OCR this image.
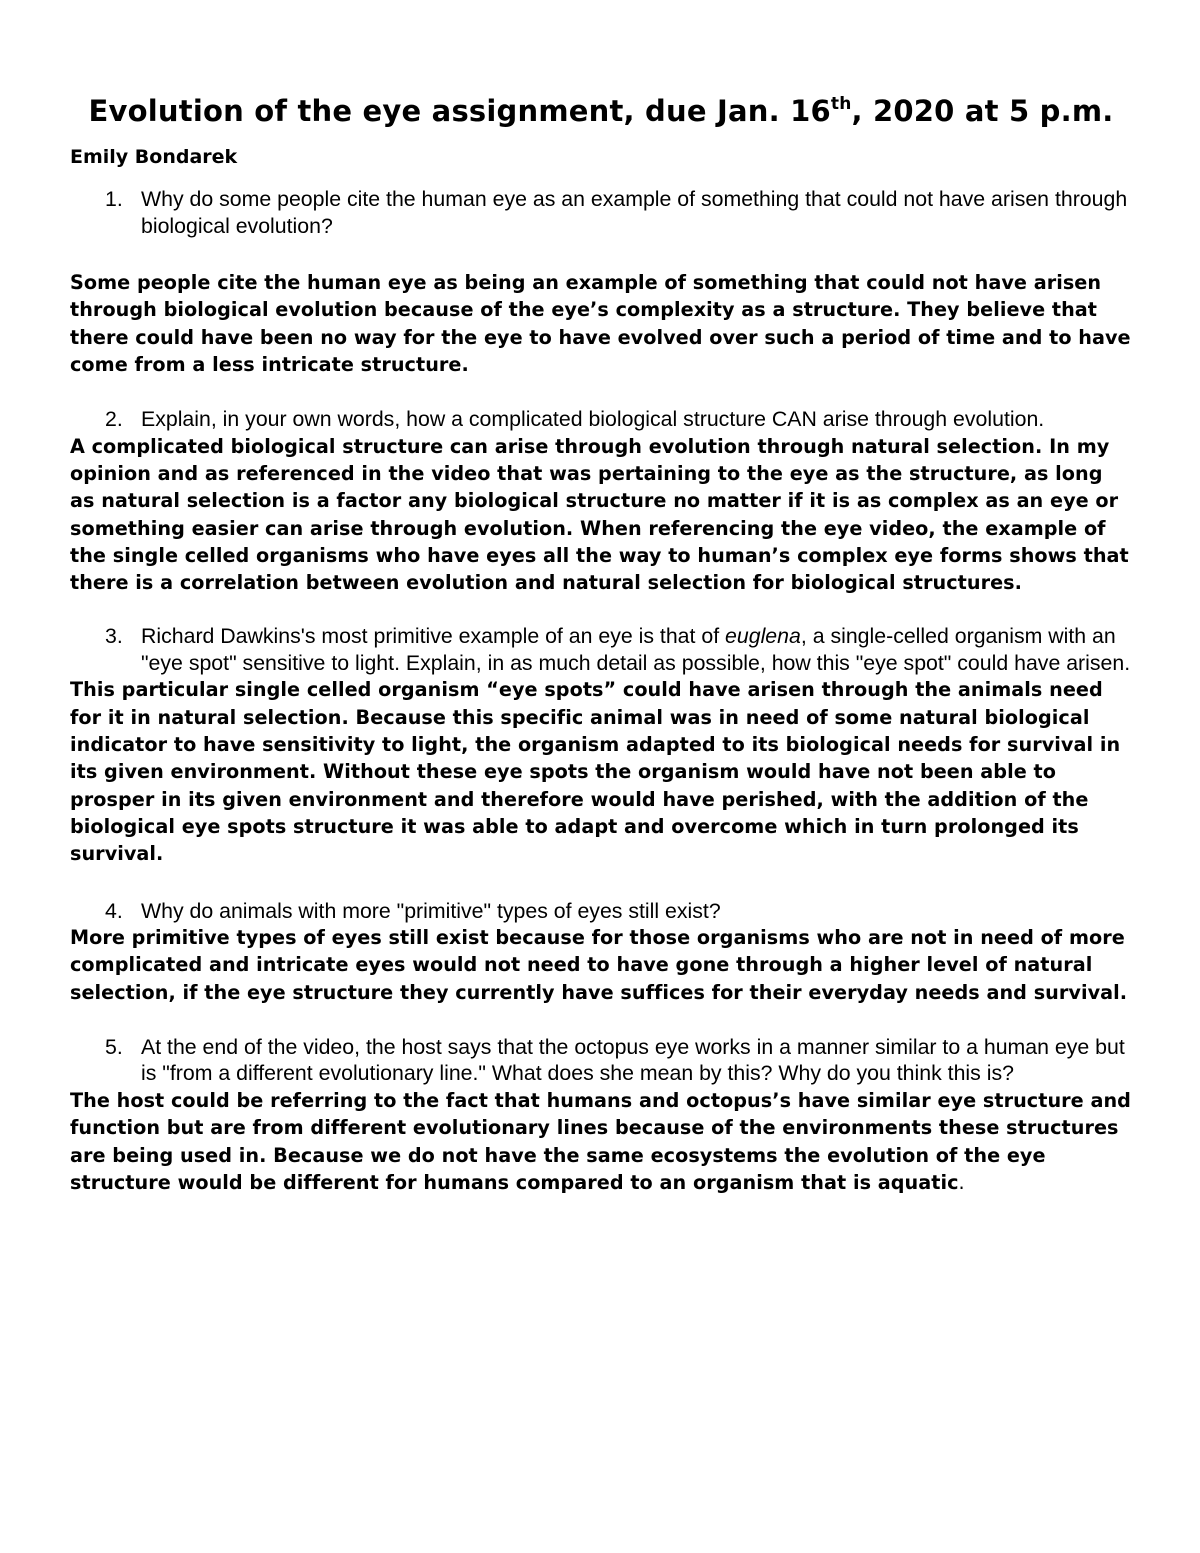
Evolution of the eye assignment, due Jan. 16th, 2020 at 5 p.m.

Emily Bondarek

1. Why do some people cite the human eye as an example of something that could not have arisen through biological evolution?

Some people cite the human eye as being an example of something that could not have arisen through biological evolution because of the eye’s complexity as a structure. They believe that there could have been no way for the eye to have evolved over such a period of time and to have come from a less intricate structure.

2. Explain, in your own words, how a complicated biological structure CAN arise through evolution.

A complicated biological structure can arise through evolution through natural selection. In my opinion and as referenced in the video that was pertaining to the eye as the structure, as long as natural selection is a factor any biological structure no matter if it is as complex as an eye or something easier can arise through evolution. When referencing the eye video, the example of the single celled organisms who have eyes all the way to human’s complex eye forms shows that there is a correlation between evolution and natural selection for biological structures.

3. Richard Dawkins's most primitive example of an eye is that of euglena, a single-celled organism with an "eye spot" sensitive to light. Explain, in as much detail as possible, how this "eye spot" could have arisen.

This particular single celled organism “eye spots” could have arisen through the animals need for it in natural selection. Because this specific animal was in need of some natural biological indicator to have sensitivity to light, the organism adapted to its biological needs for survival in its given environment. Without these eye spots the organism would have not been able to prosper in its given environment and therefore would have perished, with the addition of the biological eye spots structure it was able to adapt and overcome which in turn prolonged its survival.

4. Why do animals with more "primitive" types of eyes still exist?

More primitive types of eyes still exist because for those organisms who are not in need of more complicated and intricate eyes would not need to have gone through a higher level of natural selection, if the eye structure they currently have suffices for their everyday needs and survival.

5. At the end of the video, the host says that the octopus eye works in a manner similar to a human eye but is "from a different evolutionary line." What does she mean by this? Why do you think this is?

The host could be referring to the fact that humans and octopus’s have similar eye structure and function but are from different evolutionary lines because of the environments these structures are being used in. Because we do not have the same ecosystems the evolution of the eye structure would be different for humans compared to an organism that is aquatic.
